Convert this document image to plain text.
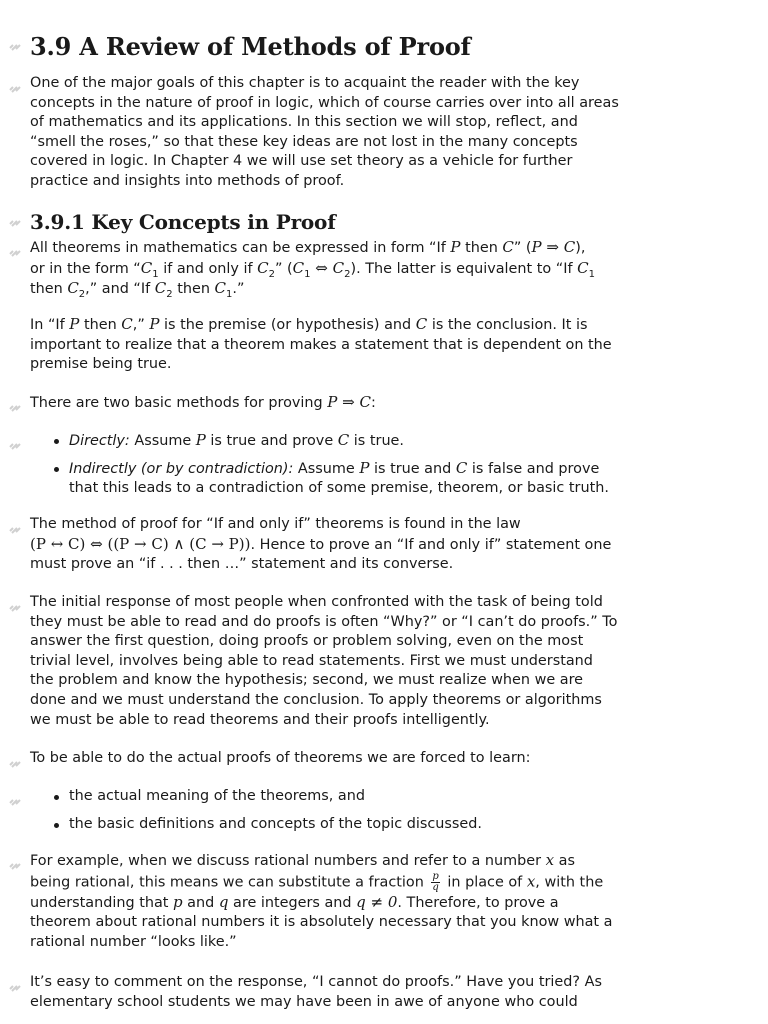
3.9 A Review of Methods of Proof

One of the major goals of this chapter is to acquaint the reader with the key concepts in the nature of proof in logic, which of course carries over into all areas of mathematics and its applications. In this section we will stop, reflect, and “smell the roses,” so that these key ideas are not lost in the many concepts covered in logic. In Chapter 4 we will use set theory as a vehicle for further practice and insights into methods of proof.

3.9.1 Key Concepts in Proof

All theorems in mathematics can be expressed in form “If P then C” (P ⇒ C),
or in the form “$C_1$ if and only if $C_2$” ($C_1$ ⇔ $C_2$). The latter is equivalent to “If $C_1$
then $C_2$,” and “If $C_2$ then $C_1$.”

In “If P then C,” P is the premise (or hypothesis) and C is the conclusion. It is important to realize that a theorem makes a statement that is dependent on the premise being true.

There are two basic methods for proving P ⇒ C:

Directly: Assume P is true and prove C is true.
Indirectly (or by contradiction): Assume P is true and C is false and prove that this leads to a contradiction of some premise, theorem, or basic truth.

The method of proof for “If and only if” theorems is found in the law
(P ↔ C) ⇔ ((P → C) ∧ (C → P)). Hence to prove an “If and only if” statement one must prove an “if . . . then …” statement and its converse.

The initial response of most people when confronted with the task of being told they must be able to read and do proofs is often “Why?” or “I can’t do proofs.” To answer the first question, doing proofs or problem solving, even on the most trivial level, involves being able to read statements. First we must understand the problem and know the hypothesis; second, we must realize when we are done and we must understand the conclusion. To apply theorems or algorithms we must be able to read theorems and their proofs intelligently.

To be able to do the actual proofs of theorems we are forced to learn:

the actual meaning of the theorems, and
the basic definitions and concepts of the topic discussed.

For example, when we discuss rational numbers and refer to a number x as
being rational, this means we can substitute a fraction $\frac{p}{q}$ in place of x, with the
understanding that p and q are integers and q ≠ 0. Therefore, to prove a theorem about rational numbers it is absolutely necessary that you know what a rational number “looks like.”

It’s easy to comment on the response, “I cannot do proofs.” Have you tried? As elementary school students we may have been in awe of anyone who could
